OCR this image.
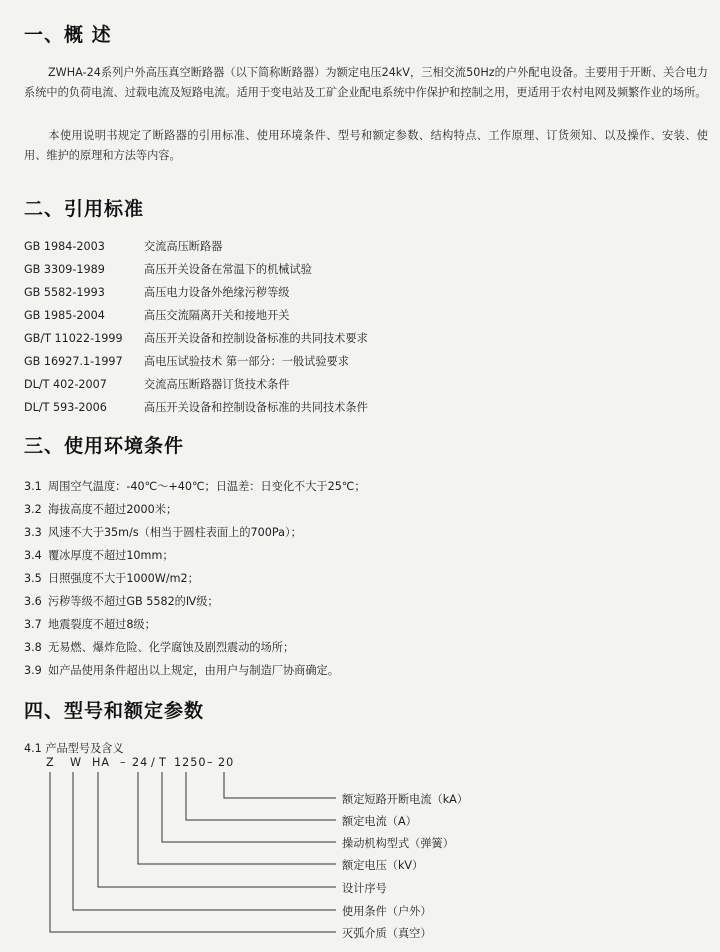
一、概 述
ZWHA-24系列户外高压真空断路器（以下简称断路器）为额定电压24kV，三相交流50Hz的户外配电设备。主要用于开断、关合电力系统中的负荷电流、过载电流及短路电流。适用于变电站及工矿企业配电系统中作保护和控制之用，更适用于农村电网及频繁作业的场所。
本使用说明书规定了断路器的引用标准、使用环境条件、型号和额定参数、结构特点、工作原理、订货须知、以及操作、安装、使用、维护的原理和方法等内容。
二、引用标准
GB 1984-2003	交流高压断路器
GB 3309-1989	高压开关设备在常温下的机械试验
GB 5582-1993	高压电力设备外绝缘污秽等级
GB 1985-2004	高压交流隔离开关和接地开关
GB/T 11022-1999 高压开关设备和控制设备标准的共同技术要求
GB 16927.1-1997 高电压试验技术 第一部分：一般试验要求
DL/T 402-2007	交流高压断路器订货技术条件
DL/T 593-2006	高压开关设备和控制设备标准的共同技术条件
三、使用环境条件
3.1 周围空气温度：-40℃～+40℃；日温差：日变化不大于25℃；
3.2 海拔高度不超过2000米；
3.3 风速不大于35m/s（相当于圆柱表面上的700Pa）；
3.4 覆冰厚度不超过10mm；
3.5 日照强度不大于1000W/m2；
3.6 污秽等级不超过GB 5582的Ⅳ级；
3.7 地震裂度不超过8级；
3.8 无易燃、爆炸危险、化学腐蚀及剧烈震动的场所；
3.9 如产品使用条件超出以上规定，由用户与制造厂协商确定。
四、型号和额定参数
4.1 产品型号及含义
Z W HA – 24 / T 1250 – 20
额定短路开断电流（kA）
额定电流（A）
操动机构型式（弹簧）
额定电压（kV）
设计序号
使用条件（户外）
灭弧介质（真空）
